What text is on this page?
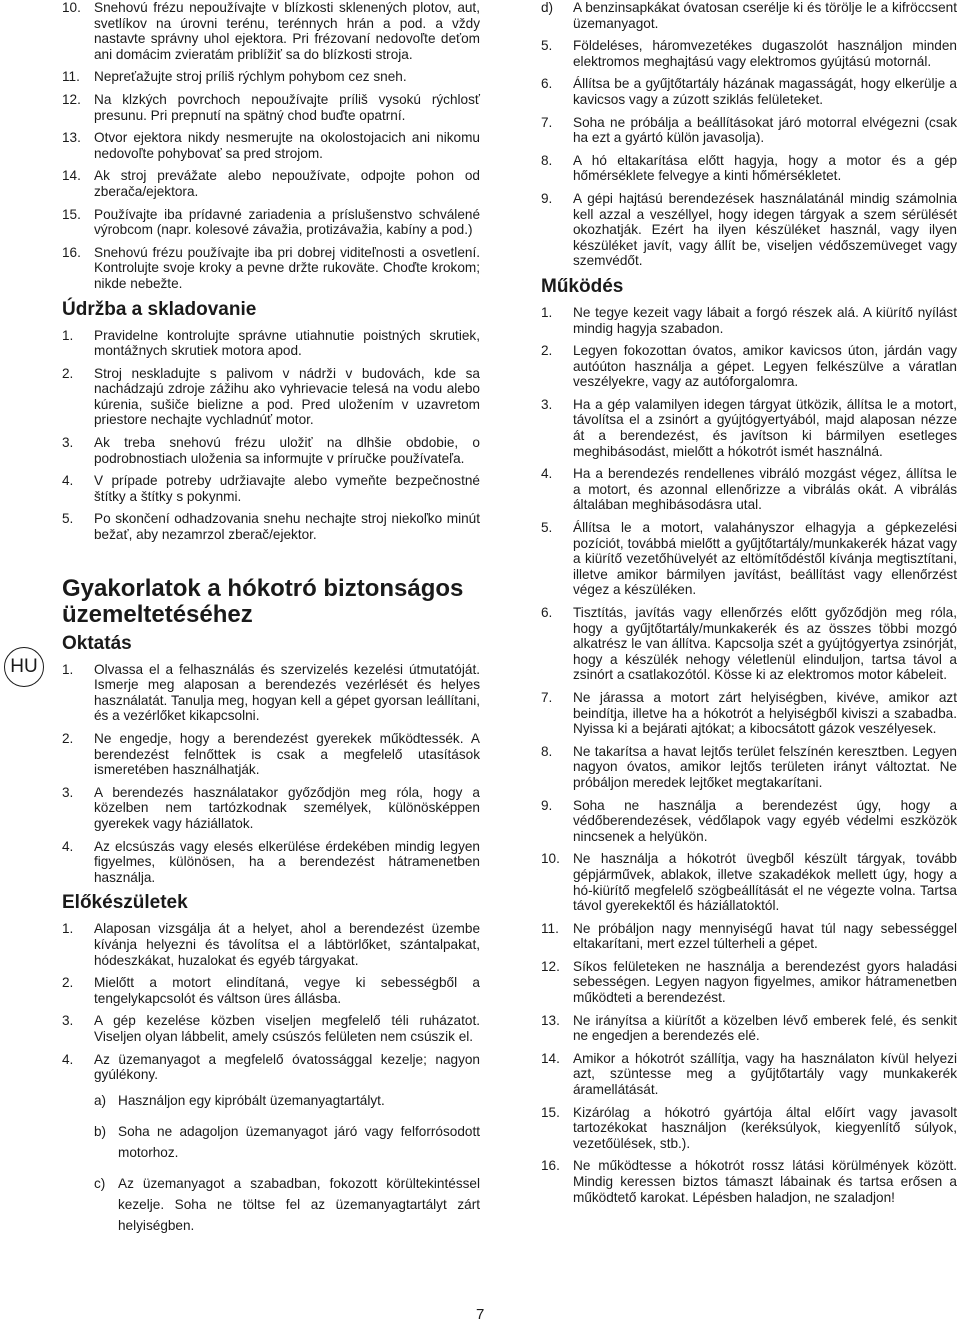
10. Snehovú frézu nepoužívajte v blízkosti sklenených plotov, aut, svetlíkov na úrovni terénu, terénnych hrán a pod. a vždy nastavte správny uhol ejektora. Pri frézovaní nedovoľte deťom ani domácim zvieratám priblížiť sa do blízkosti stroja.
11. Nepreťažujte stroj príliš rýchlym pohybom cez sneh.
12. Na klzkých povrchoch nepoužívajte príliš vysokú rýchlosť presunu. Pri prepnutí na spätný chod buďte opatrní.
13. Otvor ejektora nikdy nesmerujte na okolostojacich ani nikomu nedovoľte pohybovať sa pred strojom.
14. Ak stroj prevážate alebo nepoužívate, odpojte pohon od zberača/ejektora.
15. Používajte iba prídavné zariadenia a príslušenstvo schválené výrobcom (napr. kolesové závažia, protizávažia, kabíny a pod.)
16. Snehovú frézu používajte iba pri dobrej viditeľnosti a osvetlení. Kontrolujte svoje kroky a pevne držte rukoväte. Choďte krokom; nikde nebežte.
Údržba a skladovanie
1. Pravidelne kontrolujte správne utiahnutie poistných skrutiek, montážnych skrutiek motora apod.
2. Stroj neskladujte s palivom v nádrži v budovách, kde sa nachádzajú zdroje zážihu ako vyhrievacie telesá na vodu alebo kúrenia, sušiče bielizne a pod. Pred uložením v uzavretom priestore nechajte vychladnúť motor.
3. Ak treba snehovú frézu uložiť na dlhšie obdobie, o podrobnostiach uloženia sa informujte v príručke používateľa.
4. V prípade potreby udržiavajte alebo vymeňte bezpečnostné štítky a štítky s pokynmi.
5. Po skončení odhadzovania snehu nechajte stroj niekoľko minút bežať, aby nezamrzol zberač/ejektor.
Gyakorlatok a hókotró biztonságos üzemeltetéséhez
Oktatás
1. Olvassa el a felhasználás és szervizelés kezelési útmutatóját. Ismerje meg alaposan a berendezés vezérlését és helyes használatát. Tanulja meg, hogyan kell a gépet gyorsan leállítani, és a vezérlőket kikapcsolni.
2. Ne engedje, hogy a berendezést gyerekek működtessék. A berendezést felnőttek is csak a megfelelő utasítások ismeretében használhatják.
3. A berendezés használatakor győződjön meg róla, hogy a közelben nem tartózkodnak személyek, különösképpen gyerekek vagy háziállatok.
4. Az elcsúszás vagy elesés elkerülése érdekében mindig legyen figyelmes, különösen, ha a berendezést hátramenetben használja.
Előkészületek
1. Alaposan vizsgálja át a helyet, ahol a berendezést üzembe kívánja helyezni és távolítsa el a lábtörlőket, szántalpakat, hódeszkákat, huzalokat és egyéb tárgyakat.
2. Mielőtt a motort elindítaná, vegye ki sebességből a tengelykapcsolót és váltson üres állásba.
3. A gép kezelése közben viseljen megfelelő téli ruházatot. Viseljen olyan lábbelit, amely csúszós felületen nem csúszik el.
4. Az üzemanyagot a megfelelő óvatossággal kezelje; nagyon gyúlékony.
a) Használjon egy kipróbált üzemanyagtartályt.
b) Soha ne adagoljon üzemanyagot járó vagy felforrósodott motorhoz.
c) Az üzemanyagot a szabadban, fokozott körültekintéssel kezelje. Soha ne töltse fel az üzemanyagtartályt zárt helyiségben.
d) A benzinsapkákat óvatosan cserélje ki és törölje le a kifröccsent üzemanyagot.
5. Földeléses, háromvezetékes dugaszolót használjon minden elektromos meghajtású vagy elektromos gyújtású motornál.
6. Állítsa be a gyűjtőtartály házának magasságát, hogy elkerülje a kavicsos vagy a zúzott sziklás felületeket.
7. Soha ne próbálja a beállításokat járó motorral elvégezni (csak ha ezt a gyártó külön javasolja).
8. A hó eltakarítása előtt hagyja, hogy a motor és a gép hőmérséklete felvegye a kinti hőmérsékletet.
9. A gépi hajtású berendezések használatánál mindig számolnia kell azzal a veszéllyel, hogy idegen tárgyak a szem sérülését okozhatják. Ezért ha ilyen készüléket használ, vagy ilyen készüléket javít, vagy állít be, viseljen védőszemüveget vagy szemvédőt.
Működés
1. Ne tegye kezeit vagy lábait a forgó részek alá. A kiürítő nyílást mindig hagyja szabadon.
2. Legyen fokozottan óvatos, amikor kavicsos úton, járdán vagy autóúton használja a gépet. Legyen felkészülve a váratlan veszélyekre, vagy az autóforgalomra.
3. Ha a gép valamilyen idegen tárgyat ütközik, állítsa le a motort, távolítsa el a zsinórt a gyújtógyertyából, majd alaposan nézze át a berendezést, és javítson ki bármilyen esetleges meghibásodást, mielőtt a hókotrót ismét használná.
4. Ha a berendezés rendellenes vibráló mozgást végez, állítsa le a motort, és azonnal ellenőrizze a vibrálás okát. A vibrálás általában meghibásodásra utal.
5. Állítsa le a motort, valahányszor elhagyja a gépkezelési pozíciót, továbbá mielőtt a gyűjtőtartály/munkakerék házat vagy a kiürítő vezetőhüvelyét az eltömítődéstől kívánja megtisztítani, illetve amikor bármilyen javítást, beállítást vagy ellenőrzést végez a készüléken.
6. Tisztítás, javítás vagy ellenőrzés előtt győződjön meg róla, hogy a gyűjtőtartály/munkakerék és az összes többi mozgó alkatrész le van állítva. Kapcsolja szét a gyújtógyertya zsinórját, hogy a készülék nehogy véletlenül elinduljon, tartsa távol a zsinórt a csatlakozótól. Kösse ki az elektromos motor kábeleit.
7. Ne járassa a motort zárt helyiségben, kivéve, amikor azt beindítja, illetve ha a hókotrót a helyiségből kiviszi a szabadba. Nyissa ki a bejárati ajtókat; a kibocsátott gázok veszélyesek.
8. Ne takarítsa a havat lejtős terület felszínén keresztben. Legyen nagyon óvatos, amikor lejtős területen irányt változtat. Ne próbáljon meredek lejtőket megtakarítani.
9. Soha ne használja a berendezést úgy, hogy a védőberendezések, védőlapok vagy egyéb védelmi eszközök nincsenek a helyükön.
10. Ne használja a hókotrót üvegből készült tárgyak, tovább gépjárművek, ablakok, illetve szakadékok mellett úgy, hogy a hó-kiürítő megfelelő szögbeállítását el ne végezte volna. Tartsa távol gyerekektől és háziállatoktól.
11. Ne próbáljon nagy mennyiségű havat túl nagy sebességgel eltakarítani, mert ezzel túlterheli a gépet.
12. Síkos felületeken ne használja a berendezést gyors haladási sebességen. Legyen nagyon figyelmes, amikor hátramenetben működteti a berendezést.
13. Ne irányítsa a kiürítőt a közelben lévő emberek felé, és senkit ne engedjen a berendezés elé.
14. Amikor a hókotrót szállítja, vagy ha használaton kívül helyezi azt, szüntesse meg a gyűjtőtartály vagy munkakerék áramellátását.
15. Kizárólag a hókotró gyártója által előírt vagy javasolt tartozékokat használjon (keréksúlyok, kiegyenlítő súlyok, vezetőülések, stb.).
16. Ne működtesse a hókotrót rossz látási körülmények között. Mindig keressen biztos támaszt lábainak és tartsa erősen a működtető karokat. Lépésben haladjon, ne szaladjon!
HU
7
